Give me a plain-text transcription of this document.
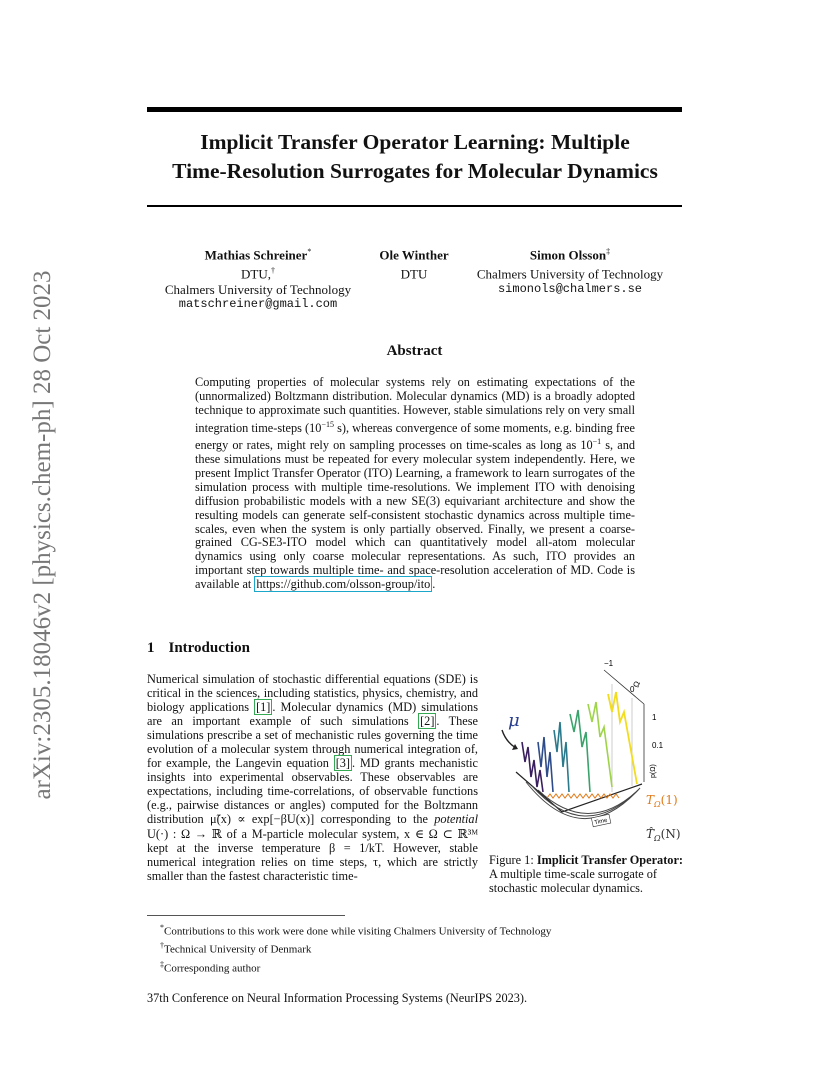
arXiv:2305.18046v2 [physics.chem-ph] 28 Oct 2023
Implicit Transfer Operator Learning: Multiple
Time-Resolution Surrogates for Molecular Dynamics
Mathias Schreiner*
DTU,†
Chalmers University of Technology
matschreiner@gmail.com
Ole Winther
DTU
Simon Olsson‡
Chalmers University of Technology
simonols@chalmers.se
Abstract
Computing properties of molecular systems rely on estimating expectations of the (unnormalized) Boltzmann distribution. Molecular dynamics (MD) is a broadly adopted technique to approximate such quantities. However, stable simulations rely on very small integration time-steps ($10^{-15}$ s), whereas convergence of some moments, e.g. binding free energy or rates, might rely on sampling processes on time-scales as long as $10^{-1}$ s, and these simulations must be repeated for every molecular system independently. Here, we present Implict Transfer Operator (ITO) Learning, a framework to learn surrogates of the simulation process with multiple time-resolutions. We implement ITO with denoising diffusion probabilistic models with a new SE(3) equivariant architecture and show the resulting models can generate self-consistent stochastic dynamics across multiple time-scales, even when the system is only partially observed. Finally, we present a coarse-grained CG-SE3-ITO model which can quantitatively model all-atom molecular dynamics using only coarse molecular representations. As such, ITO provides an important step towards multiple time- and space-resolution acceleration of MD. Code is available at https://github.com/olsson-group/ito .
1 Introduction
Numerical simulation of stochastic differential equations (SDE) is critical in the sciences, including statistics, physics, chemistry, and biology applications [1] . Molecular dynamics (MD) simulations are an important example of such simulations [2] . These simulations prescribe a set of mechanistic rules governing the time evolution of a molecular system through numerical integration of, for example, the Langevin equation [3] . MD grants mechanistic insights into experimental observables. These observables are expectations, including time-correlations, of observable functions (e.g., pairwise distances or angles) computed for the Boltzmann distribution μ̃(x) ∝ exp[−βU(x)] corresponding to the potential U(·) : Ω → ℝ of a M-particle molecular system, x ∈ Ω ⊂ ℝ³ᴹ kept at the inverse temperature β = 1/kT. However, stable numerical integration relies on time steps, τ, which are strictly smaller than the fastest characteristic time-
−1
0
Ω
1
0.1
p(Ω)
μ
Time
$T_\Omega(1)$
$T̂_\Omega(N)$
Figure 1: Implicit Transfer Operator: A multiple time-scale surrogate of stochastic molecular dynamics.
*Contributions to this work were done while visiting Chalmers University of Technology
†Technical University of Denmark
‡Corresponding author
37th Conference on Neural Information Processing Systems (NeurIPS 2023).
